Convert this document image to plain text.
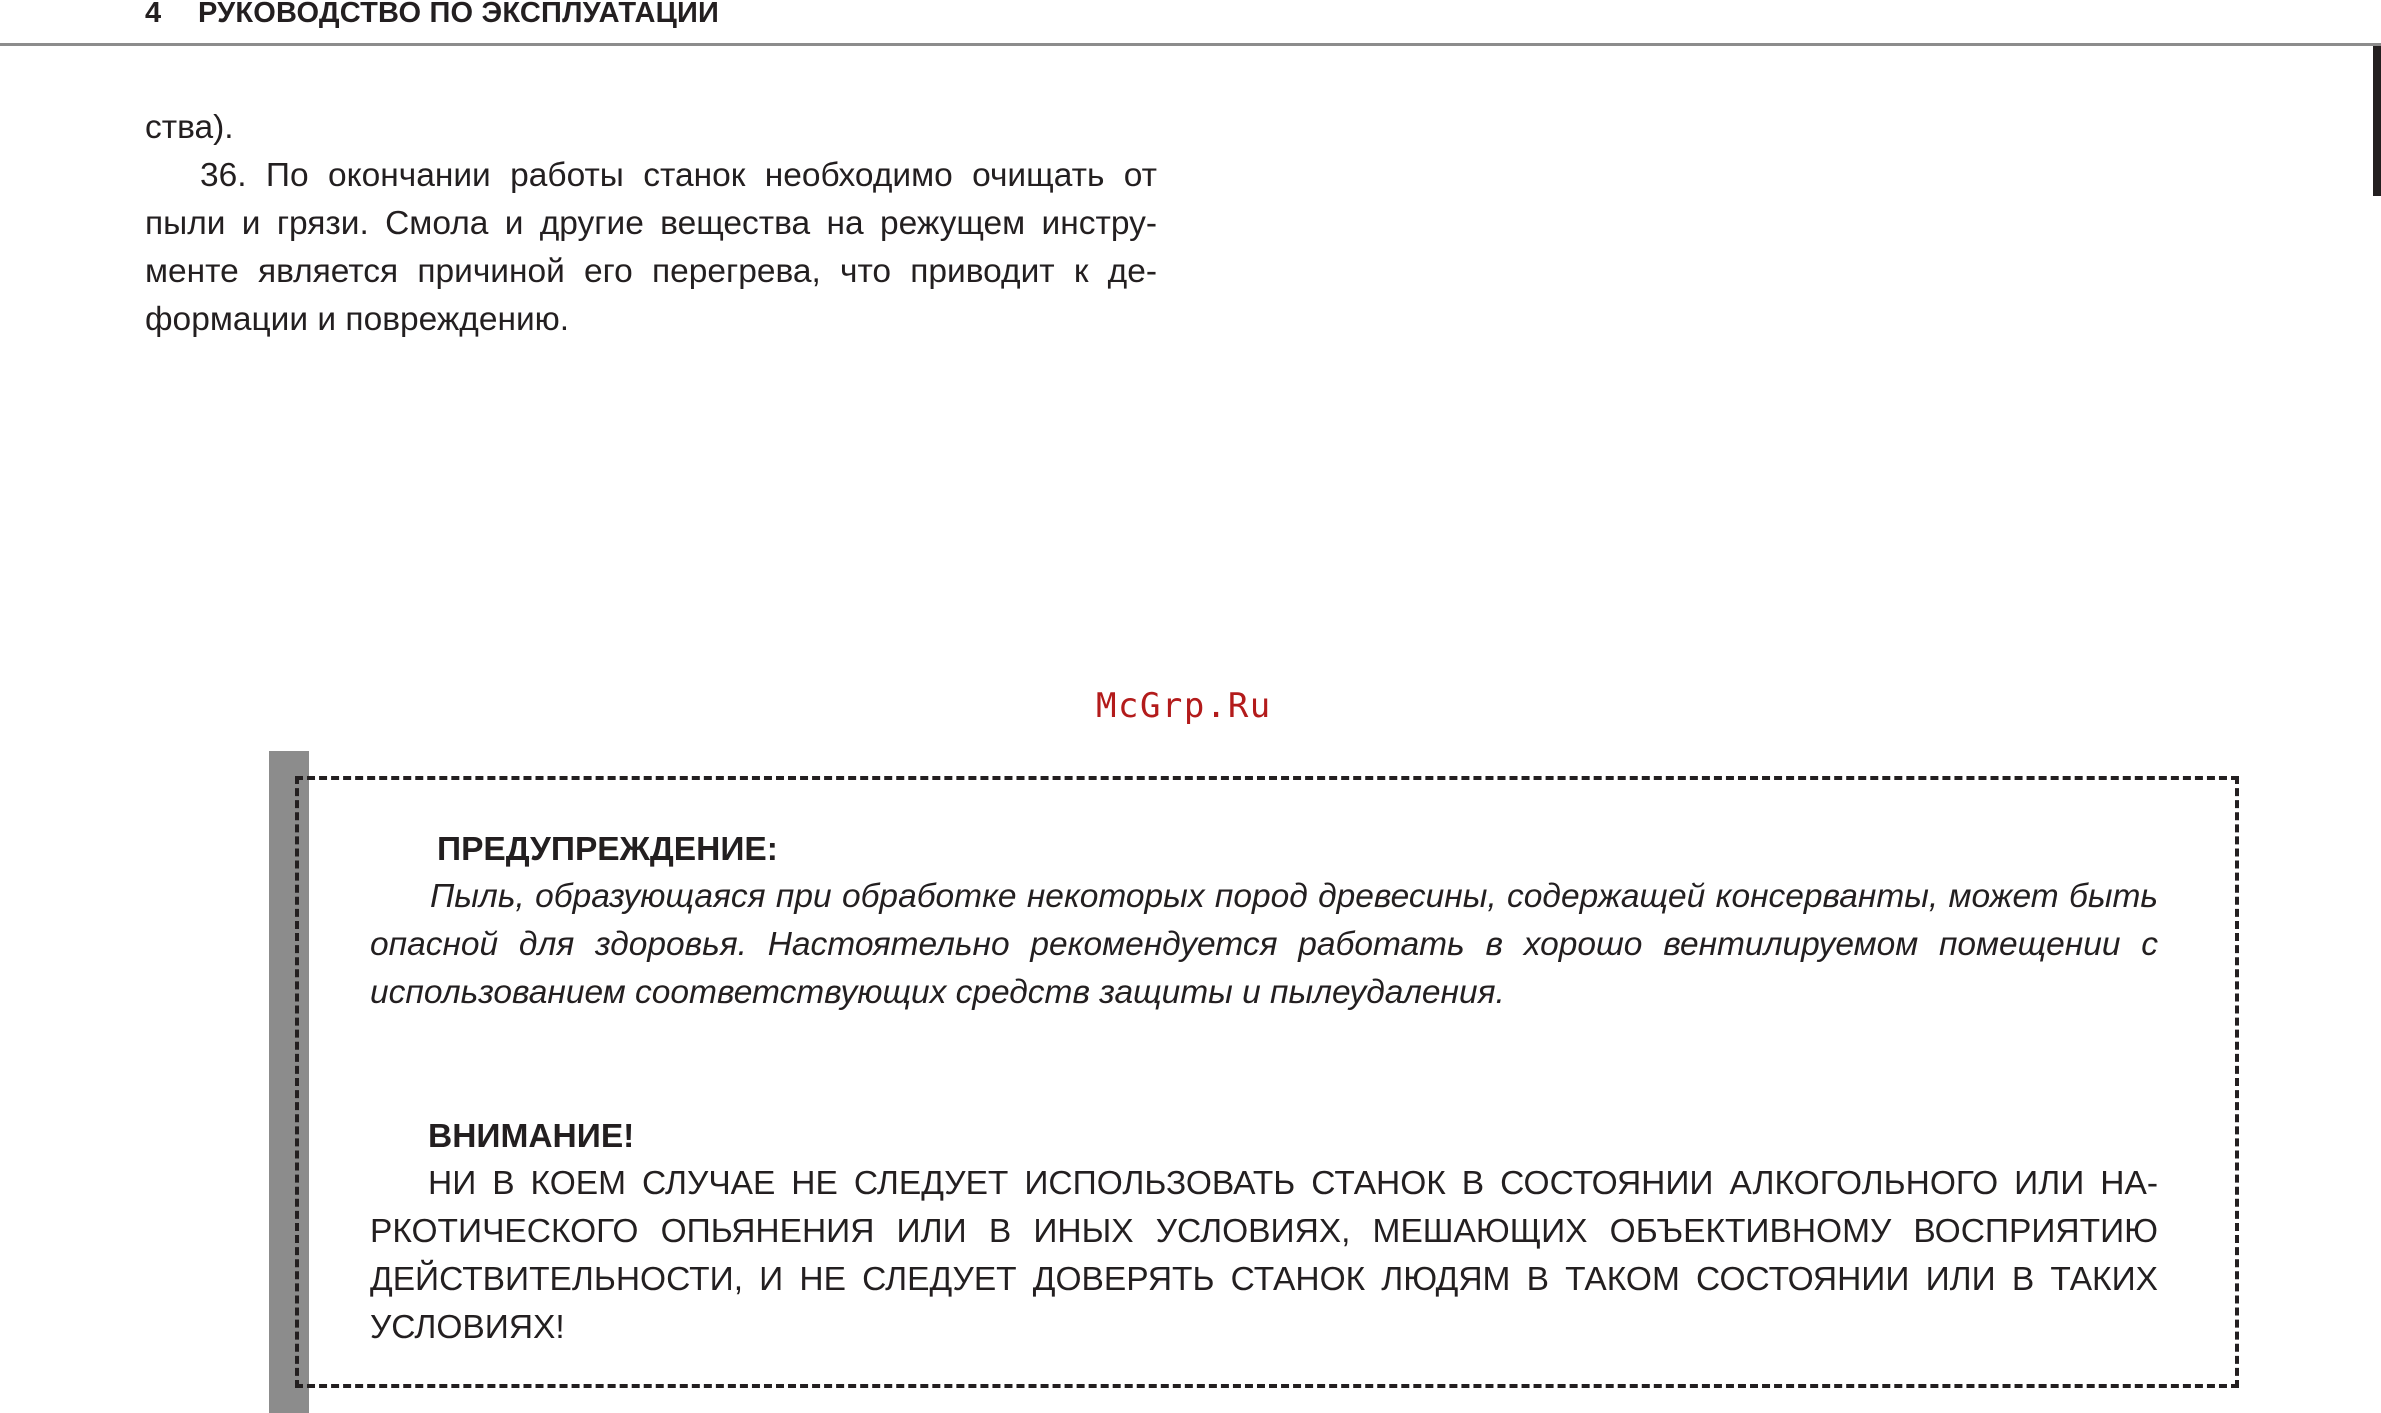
4 РУКОВОДСТВО ПО ЭКСПЛУАТАЦИИ

ства).

36. По окончании работы станок необходимо очищать от пыли и грязи. Смола и другие вещества на режущем инструменте является причиной его перегрева, что приводит к деформации и повреждению.

McGrp.Ru
ПРЕДУПРЕЖДЕНИЕ:
Пыль, образующаяся при обработке некоторых пород древесины, содержащей консерванты, может быть опасной для здоровья. Настоятельно рекомендуется работать в хорошо вентилируемом помещении с использованием соответствующих средств защиты и пылеудаления.
ВНИМАНИЕ!
НИ В КОЕМ СЛУЧАЕ НЕ СЛЕДУЕТ ИСПОЛЬЗОВАТЬ СТАНОК В СОСТОЯНИИ АЛКОГОЛЬНОГО ИЛИ НАРКОТИЧЕСКОГО ОПЬЯНЕНИЯ ИЛИ В ИНЫХ УСЛОВИЯХ, МЕШАЮЩИХ ОБЪЕКТИВНОМУ ВОСПРИЯТИЮ ДЕЙСТВИТЕЛЬНОСТИ, И НЕ СЛЕДУЕТ ДОВЕРЯТЬ СТАНОК ЛЮДЯМ В ТАКОМ СОСТОЯНИИ ИЛИ В ТАКИХ УСЛОВИЯХ!
